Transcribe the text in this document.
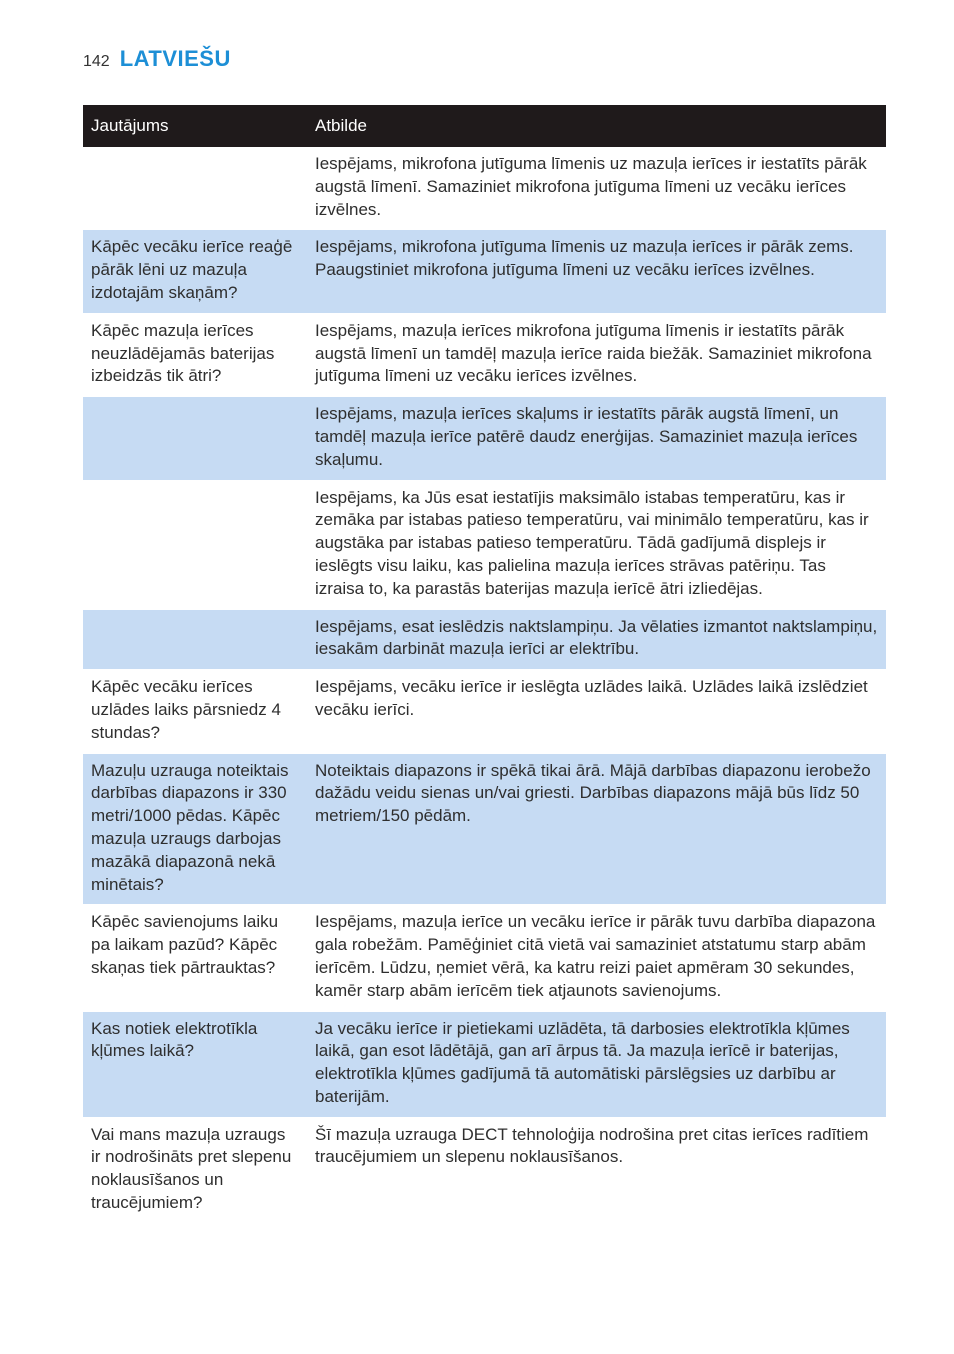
142 LATVIEŠU
Jautājums	Atbilde
	Iespējams, mikrofona jutīguma līmenis uz mazuļa ierīces ir iestatīts pārāk augstā līmenī. Samaziniet mikrofona jutīguma līmeni uz vecāku ierīces izvēlnes.
Kāpēc vecāku ierīce reaģē pārāk lēni uz mazuļa izdotajām skaņām?	Iespējams, mikrofona jutīguma līmenis uz mazuļa ierīces ir pārāk zems. Paaugstiniet mikrofona jutīguma līmeni uz vecāku ierīces izvēlnes.
Kāpēc mazuļa ierīces neuzlādējamās baterijas izbeidzās tik ātri?	Iespējams, mazuļa ierīces mikrofona jutīguma līmenis ir iestatīts pārāk augstā līmenī un tamdēļ mazuļa ierīce raida biežāk. Samaziniet mikrofona jutīguma līmeni uz vecāku ierīces izvēlnes.
	Iespējams, mazuļa ierīces skaļums ir iestatīts pārāk augstā līmenī, un tamdēļ mazuļa ierīce patērē daudz enerģijas. Samaziniet mazuļa ierīces skaļumu.
	Iespējams, ka Jūs esat iestatījis maksimālo istabas temperatūru, kas ir zemāka par istabas patieso temperatūru, vai minimālo temperatūru, kas ir augstāka par istabas patieso temperatūru. Tādā gadījumā displejs ir ieslēgts visu laiku, kas palielina mazuļa ierīces strāvas patēriņu. Tas izraisa to, ka parastās baterijas mazuļa ierīcē ātri izliedējas.
	Iespējams, esat ieslēdzis naktslampiņu. Ja vēlaties izmantot naktslampiņu, iesakām darbināt mazuļa ierīci ar elektrību.
Kāpēc vecāku ierīces uzlādes laiks pārsniedz 4 stundas?	Iespējams, vecāku ierīce ir ieslēgta uzlādes laikā. Uzlādes laikā izslēdziet vecāku ierīci.
Mazuļu uzrauga noteiktais darbības diapazons ir 330 metri/1000 pēdas. Kāpēc mazuļa uzraugs darbojas mazākā diapazonā nekā minētais?	Noteiktais diapazons ir spēkā tikai ārā. Mājā darbības diapazonu ierobežo dažādu veidu sienas un/vai griesti. Darbības diapazons mājā būs līdz 50 metriem/150 pēdām.
Kāpēc savienojums laiku pa laikam pazūd? Kāpēc skaņas tiek pārtrauktas?	Iespējams, mazuļa ierīce un vecāku ierīce ir pārāk tuvu darbība diapazona gala robežām. Pamēģiniet citā vietā vai samaziniet atstatumu starp abām ierīcēm. Lūdzu, ņemiet vērā, ka katru reizi paiet apmēram 30 sekundes, kamēr starp abām ierīcēm tiek atjaunots savienojums.
Kas notiek elektrotīkla kļūmes laikā?	Ja vecāku ierīce ir pietiekami uzlādēta, tā darbosies elektrotīkla kļūmes laikā, gan esot lādētājā, gan arī ārpus tā. Ja mazuļa ierīcē ir baterijas, elektrotīkla kļūmes gadījumā tā automātiski pārslēgsies uz darbību ar baterijām.
Vai mans mazuļa uzraugs ir nodrošināts pret slepenu noklausīšanos un traucējumiem?	Šī mazuļa uzrauga DECT tehnoloģija nodrošina pret citas ierīces radītiem traucējumiem un slepenu noklausīšanos.
